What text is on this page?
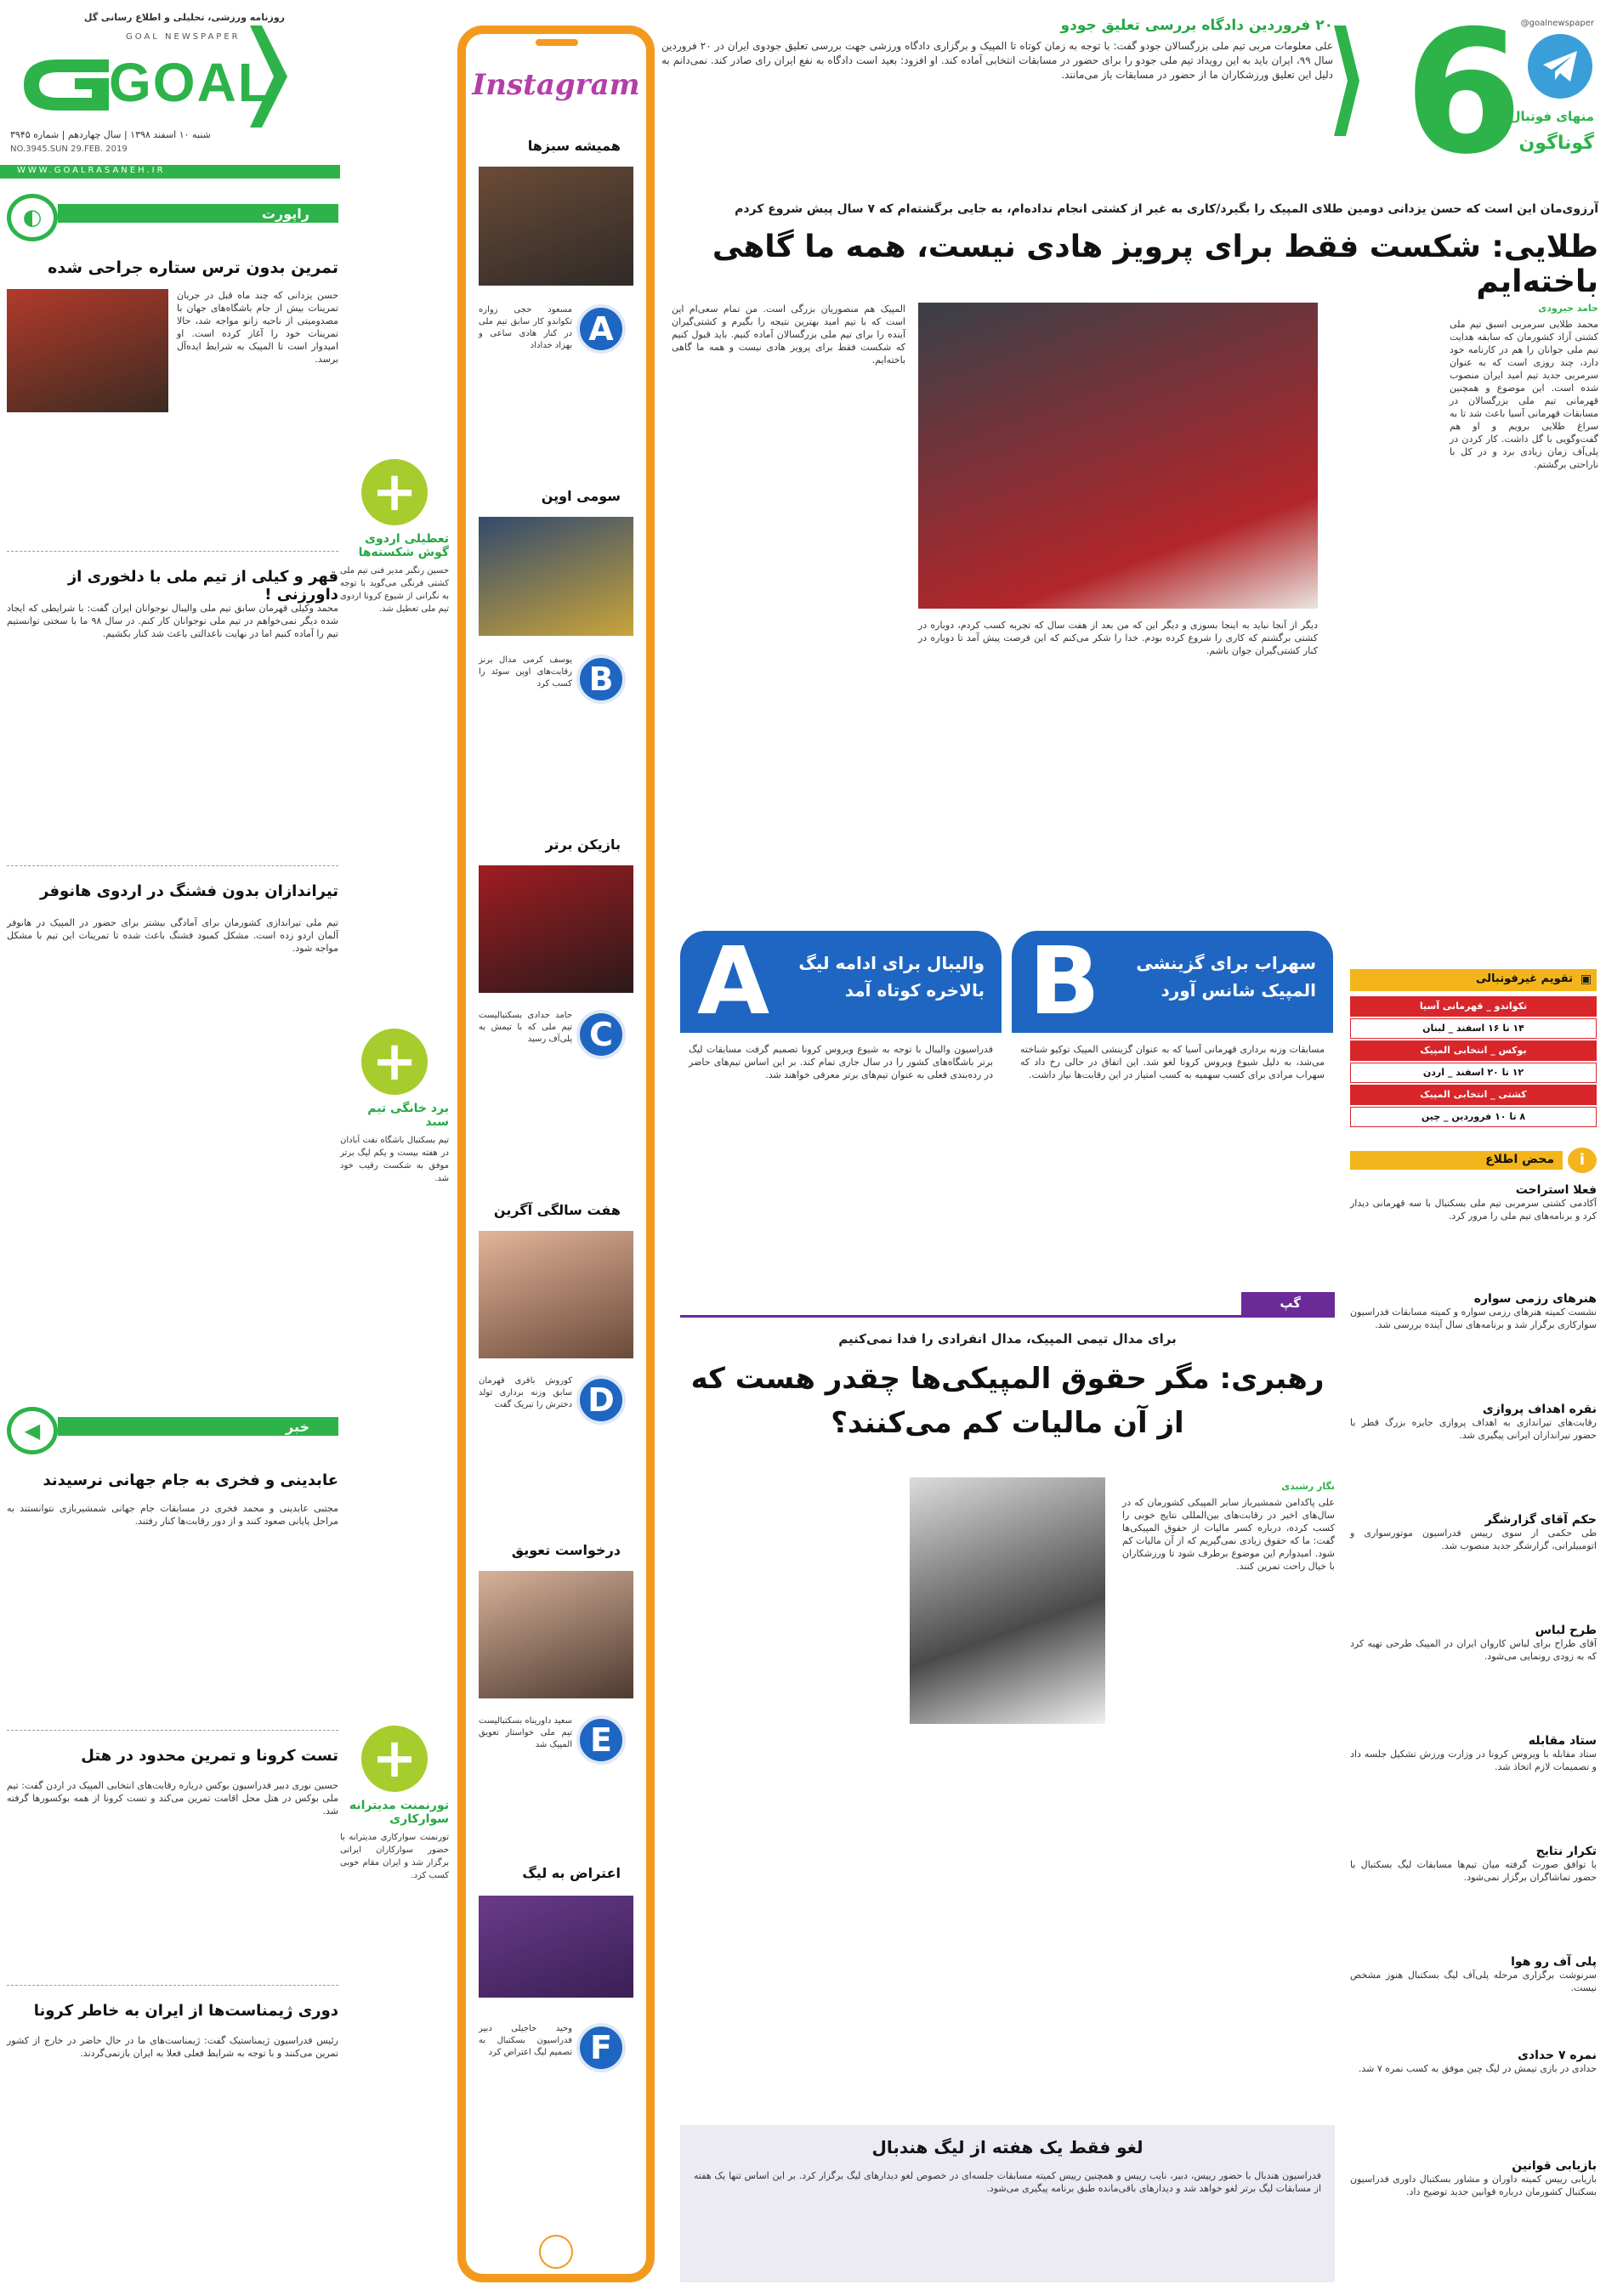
GOAL
GOAL NEWSPAPER
روزنامه ورزشی، تحلیلی و اطلاع رسانی گل
شنبه ۱۰ اسفند ۱۳۹۸ | سال چهاردهم | شماره ۳۹۴۵
NO.3945.SUN 29.FEB. 2019
WWW.GOALRASANEH.IR	6
@goalnewspaper
منهای فوتبال
گوناگون
۲۰ فروردین دادگاه بررسی تعلیق جودو
علی معلومات مربی تیم ملی بزرگسالان جودو گفت: با توجه به زمان کوتاه تا المپیک و برگزاری دادگاه ورزشی جهت بررسی تعلیق جودوی ایران در ۲۰ فروردین سال ۹۹، ایران باید به این رویداد تیم ملی جودو را برای حضور در مسابقات انتخابی آماده کند. او افزود: بعید است دادگاه به نفع ایران رای صادر کند. نمی‌دانم به دلیل این تعلیق ورزشکاران ما از حضور در مسابقات باز می‌مانند.
Instagram
همیشه سبزها
A
مسعود حجی زواره تکواندو کار سابق تیم ملی در کنار هادی ساعی و بهزاد خداداد
سومی اوپن
B
یوسف کرمی مدال برنز رقابت‌های اوپن سوئد را کسب کرد
بازیکن برتر
C
حامد حدادی بسکتبالیست تیم ملی که با تیمش به پلی‌آف رسید
هفت سالگی آگرین
D
کوروش باقری قهرمان سابق وزنه برداری تولد دخترش را تبریک گفت
درخواست تعویق
E
سعید داوریناه بسکتبالیست تیم ملی خواستار تعویق المپیک شد
اعتراض به لیگ
F
وحید حاجیلی دبیر فدراسیون بسکتبال به تصمیم لیگ اعتراض کرد
+
تعطیلی اردوی گوش شکسته‌ها
حسین رنگبر مدیر فنی تیم ملی کشتی فرنگی می‌گوید با توجه به نگرانی از شیوع کرونا اردوی تیم ملی تعطیل شد.
+
برد خانگی تیم سبد
تیم بسکتبال باشگاه نفت آبادان در هفته بیست و یکم لیگ برتر موفق به شکست رقیب خود شد.
+
تورنمنت مدیترانه سوارکاری
تورنمنت سوارکاری مدیترانه با حضور سوارکاران ایرانی برگزار شد و ایران مقام خوبی کسب کرد.
راپورت
◐
تمرین بدون ترس ستاره جراحی شده
حسن یزدانی که چند ماه قبل در جریان تمرینات بیش از جام باشگاه‌های جهان با مصدومیتی از ناحیه زانو مواجه شد، حالا تمرینات خود را آغاز کرده است. او امیدوار است تا المپیک به شرایط ایده‌آل برسد.
قهر و کیلی از تیم ملی با دلخوری از داورزنی !
محمد وکیلی قهرمان سابق تیم ملی والیبال نوجوانان ایران گفت: با شرایطی که ایجاد شده دیگر نمی‌خواهم در تیم ملی نوجوانان کار کنم. در سال ۹۸ ما با سختی توانستیم تیم را آماده کنیم اما در نهایت ناعدالتی باعث شد کنار بکشیم.
تیراندازان بدون فشنگ در اردوی هانوفر
تیم ملی تیراندازی کشورمان برای آمادگی بیشتر برای حضور در المپیک در هانوفر آلمان اردو زده است. مشکل کمبود فشنگ باعث شده تا تمرینات این تیم با مشکل مواجه شود.
خبر
◀
عابدینی و فخری به جام جهانی نرسیدند
مجتبی عابدینی و محمد فخری در مسابقات جام جهانی شمشیربازی نتوانستند به مراحل پایانی صعود کنند و از دور رقابت‌ها کنار رفتند.
تست کرونا و تمرین محدود در هتل
حسین نوری دبیر فدراسیون بوکس درباره رقابت‌های انتخابی المپیک در اردن گفت: تیم ملی بوکس در هتل محل اقامت تمرین می‌کند و تست کرونا از همه بوکسورها گرفته شد.
دوری ژیمناست‌ها از ایران به خاطر کرونا
رئیس فدراسیون ژیمناستیک گفت: ژیمناست‌های ما در حال حاضر در خارج از کشور تمرین می‌کنند و با توجه به شرایط فعلی فعلا به ایران بازنمی‌گردند.
آرزوی‌مان این است که حسن یزدانی دومین طلای المپیک را بگیرد/کاری به غیر از کشتی انجام نداده‌ام، به جایی برگشته‌ام که ۷ سال پیش شروع کردم
طلایی: شکست فقط برای پرویز هادی نیست، همه ما گاهی باخته‌ایم
حامد جیرودی
محمد طلایی سرمربی اسبق تیم ملی کشتی آزاد کشورمان که سابقه هدایت تیم ملی جوانان را هم در کارنامه خود دارد، چند روزی است که به عنوان سرمربی جدید تیم امید ایران منصوب شده است. این موضوع و همچنین قهرمانی تیم ملی بزرگسالان در مسابقات قهرمانی آسیا باعث شد تا به سراغ طلایی برویم و او هم گفت‌وگویی با گل داشت. کار کردن در پلی‌آف زمان زیادی برد و در کل با ناراحتی برگشتم.
المپیک هم منصوریان بزرگی است. من تمام سعی‌ام این است که با تیم امید بهترین نتیجه را بگیرم و کشتی‌گیران آینده را برای تیم ملی بزرگسالان آماده کنیم. باید قبول کنیم که شکست فقط برای پرویز هادی نیست و همه ما گاهی باخته‌ایم.
دیگر از آنجا نباید به اینجا بسوزی و دیگر این که من بعد از هفت سال که تجربه کسب کردم، دوباره در کشتی برگشتم که کاری را شروع کرده بودم. خدا را شکر می‌کنم که این فرصت پیش آمد تا دوباره در کنار کشتی‌گیران جوان باشم.
B	سهراب برای گزینشی المپیک شانس آورد
مسابقات وزنه برداری قهرمانی آسیا که به عنوان گزینشی المپیک توکیو شناخته می‌شد، به دلیل شیوع ویروس کرونا لغو شد. این اتفاق در حالی رخ داد که سهراب مرادی برای کسب سهمیه به کسب امتیاز در این رقابت‌ها نیاز داشت.
A	والیبال برای ادامه لیگ بالاخره کوتاه آمد
فدراسیون والیبال با توجه به شیوع ویروس کرونا تصمیم گرفت مسابقات لیگ برتر باشگاه‌های کشور را در سال جاری تمام کند. بر این اساس تیم‌های حاضر در رده‌بندی فعلی به عنوان تیم‌های برتر معرفی خواهند شد.
▣
تقویم غیرفوتبالی
تکواندو _ قهرمانی آسیا
۱۴ تا ۱۶ اسفند _ لبنان
بوکس _ انتخابی المپیک
۱۲ تا ۲۰ اسفند _ اردن
کشتی _ انتخابی المپیک
۸ تا ۱۰ فروردین _ چین
محض اطلاع	i
فعلا استراحت
آکادمی کشتی سرمربی تیم ملی بسکتبال با سه قهرمانی دیدار کرد و برنامه‌های تیم ملی را مرور کرد.
هنرهای رزمی سواره
نشست کمیته هنرهای رزمی سواره و کمیته مسابقات فدراسیون سوارکاری برگزار شد و برنامه‌های سال آینده بررسی شد.
نقره اهداف پروازی
رقابت‌های تیراندازی به اهداف پروازی جایزه بزرگ قطر با حضور تیراندازان ایرانی پیگیری شد.
حکم آقای گزارشگر
طی حکمی از سوی رییس فدراسیون موتورسواری و اتومبیلرانی، گزارشگر جدید منصوب شد.
طرح لباس
آقای طراح برای لباس کاروان ایران در المپیک طرحی تهیه کرد که به زودی رونمایی می‌شود.
ستاد مقابله
ستاد مقابله با ویروس کرونا در وزارت ورزش تشکیل جلسه داد و تصمیمات لازم اتخاذ شد.
تکرار نتایج
با توافق صورت گرفته میان تیم‌ها مسابقات لیگ بسکتبال با حضور تماشاگران برگزار نمی‌شود.
پلی آف رو هوا
سرنوشت برگزاری مرحله پلی‌آف لیگ بسکتبال هنوز مشخص نیست.
نمره ۷ حدادی
حدادی در بازی تیمش در لیگ چین موفق به کسب نمره ۷ شد.
بازیابی قوانین
بازیابی رییس کمیته داوران و مشاور بسکتبال داوری فدراسیون بسکتبال کشورمان درباره قوانین جدید توضیح داد.
گپ
برای مدال تیمی المپیک، مدال انفرادی را فدا نمی‌کنیم
رهبری: مگر حقوق المپیکی‌ها چقدر هست که از آن مالیات کم می‌کنند؟
نگار رشیدی
علی پاکدامن شمشیرباز سابر المپیکی کشورمان که در سال‌های اخیر در رقابت‌های بین‌المللی نتایج خوبی را کسب کرده، درباره کسر مالیات از حقوق المپیکی‌ها گفت: ما که حقوق زیادی نمی‌گیریم که از آن مالیات کم شود. امیدوارم این موضوع برطرف شود تا ورزشکاران با خیال راحت تمرین کنند.
لغو فقط یک هفته از لیگ هندبال
فدراسیون هندبال با حضور رییس، دبیر، نایب رییس و همچنین رییس کمیته مسابقات جلسه‌ای در خصوص لغو دیدارهای لیگ برگزار کرد. بر این اساس تنها یک هفته از مسابقات لیگ برتر لغو خواهد شد و دیدارهای باقی‌مانده طبق برنامه پیگیری می‌شود.
